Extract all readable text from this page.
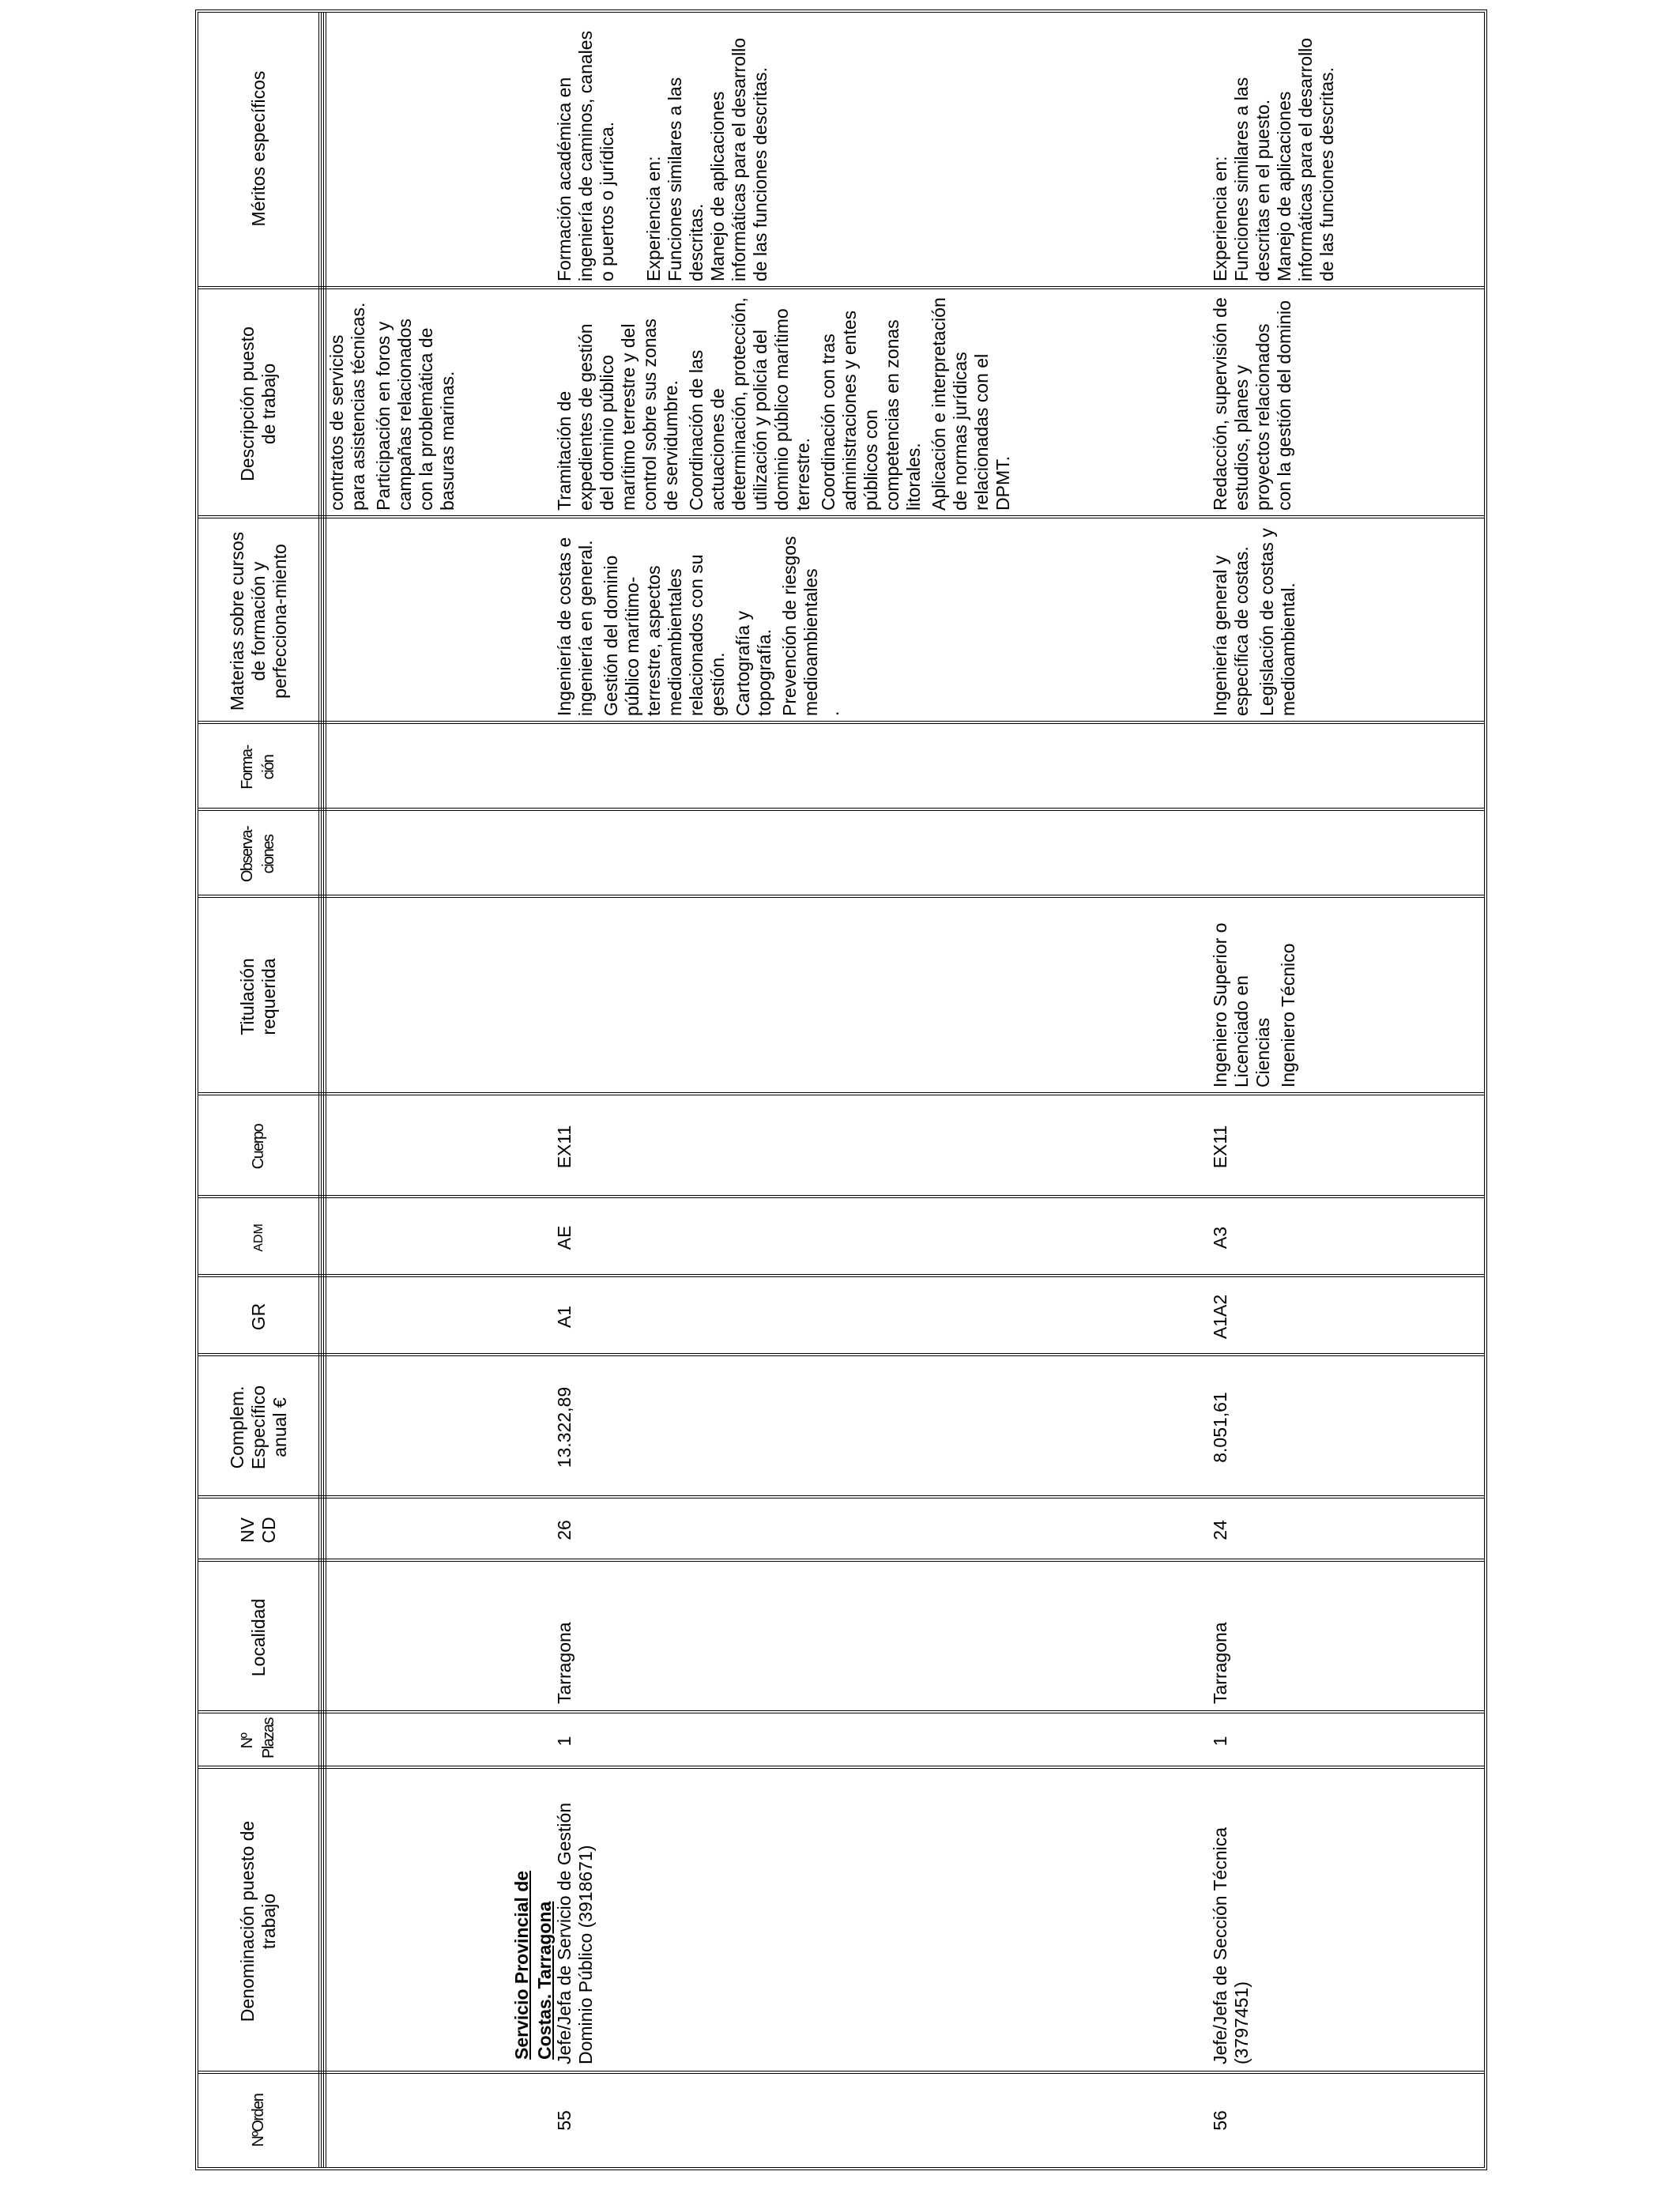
NºOrden
Denominación puesto de trabajo
Nº Plazas
Localidad
NV CD
Complem. Específico anual €
GR
ADM
Cuerpo
Titulación requerida
Observa-ciones
Forma-ción
Materias sobre cursos de formación y perfecciona-miento
Descripción puesto de trabajo
Méritos específicos
contratos de servicios para asistencias técnicas. Participación en foros y campañas relacionados con la problemática de basuras marinas.
Servicio Provincial de Costas. Tarragona
55
Jefe/Jefa de Servicio de Gestión Dominio Público (3918671)
1
Tarragona
26
13.322,89
A1
AE
EX11
Ingeniería de costas e ingeniería en general. Gestión del dominio público marítimo-terrestre, aspectos medioambientales relacionados con su gestión. Cartografía y topografía. Prevención de riesgos medioambientales .
Tramitación de expedientes de gestión del dominio público marítimo terrestre y del control sobre sus zonas de servidumbre. Coordinación de las actuaciones de determinación, protección, utilización y policía del dominio público marítimo terrestre. Coordinación con tras administraciones y entes públicos con competencias en zonas litorales. Aplicación e interpretación de normas jurídicas relacionadas con el DPMT.
Formación académica en ingeniería de caminos, canales o puertos o jurídica. Experiencia en: Funciones similares a las descritas. Manejo de aplicaciones informáticas para el desarrollo de las funciones descritas.
56
Jefe/Jefa de Sección Técnica (3797451)
1
Tarragona
24
8.051,61
A1A2
A3
EX11
Ingeniero Superior o Licenciado en Ciencias Ingeniero Técnico
Ingeniería general y específica de costas. Legislación de costas y medioambiental.
Redacción, supervisión de estudios, planes y proyectos relacionados con la gestión del dominio
Experiencia en: Funciones similares a las descritas en el puesto. Manejo de aplicaciones informáticas para el desarrollo de las funciones descritas.
